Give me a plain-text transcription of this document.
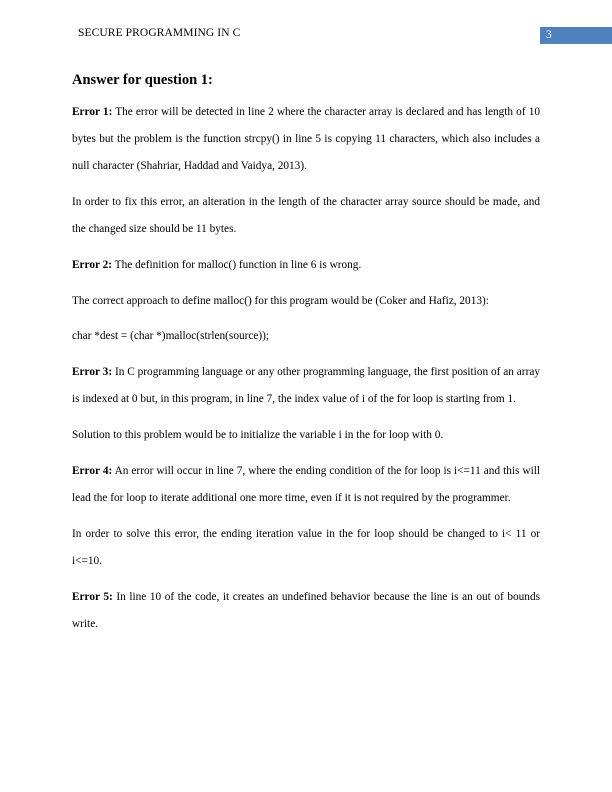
SECURE PROGRAMMING IN C	3
Answer for question 1:

Error 1: The error will be detected in line 2 where the character array is declared and has length of 10 bytes but the problem is the function strcpy() in line 5 is copying 11 characters, which also includes a null character (Shahriar, Haddad and Vaidya, 2013).

In order to fix this error, an alteration in the length of the character array source should be made, and the changed size should be 11 bytes.

Error 2: The definition for malloc() function in line 6 is wrong.

The correct approach to define malloc() for this program would be (Coker and Hafiz, 2013):

char *dest = (char *)malloc(strlen(source));

Error 3: In C programming language or any other programming language, the first position of an array is indexed at 0 but, in this program, in line 7, the index value of i of the for loop is starting from 1.

Solution to this problem would be to initialize the variable i in the for loop with 0.

Error 4: An error will occur in line 7, where the ending condition of the for loop is i<=11 and this will lead the for loop to iterate additional one more time, even if it is not required by the programmer.

In order to solve this error, the ending iteration value in the for loop should be changed to i< 11 or i<=10.

Error 5: In line 10 of the code, it creates an undefined behavior because the line is an out of bounds write.
